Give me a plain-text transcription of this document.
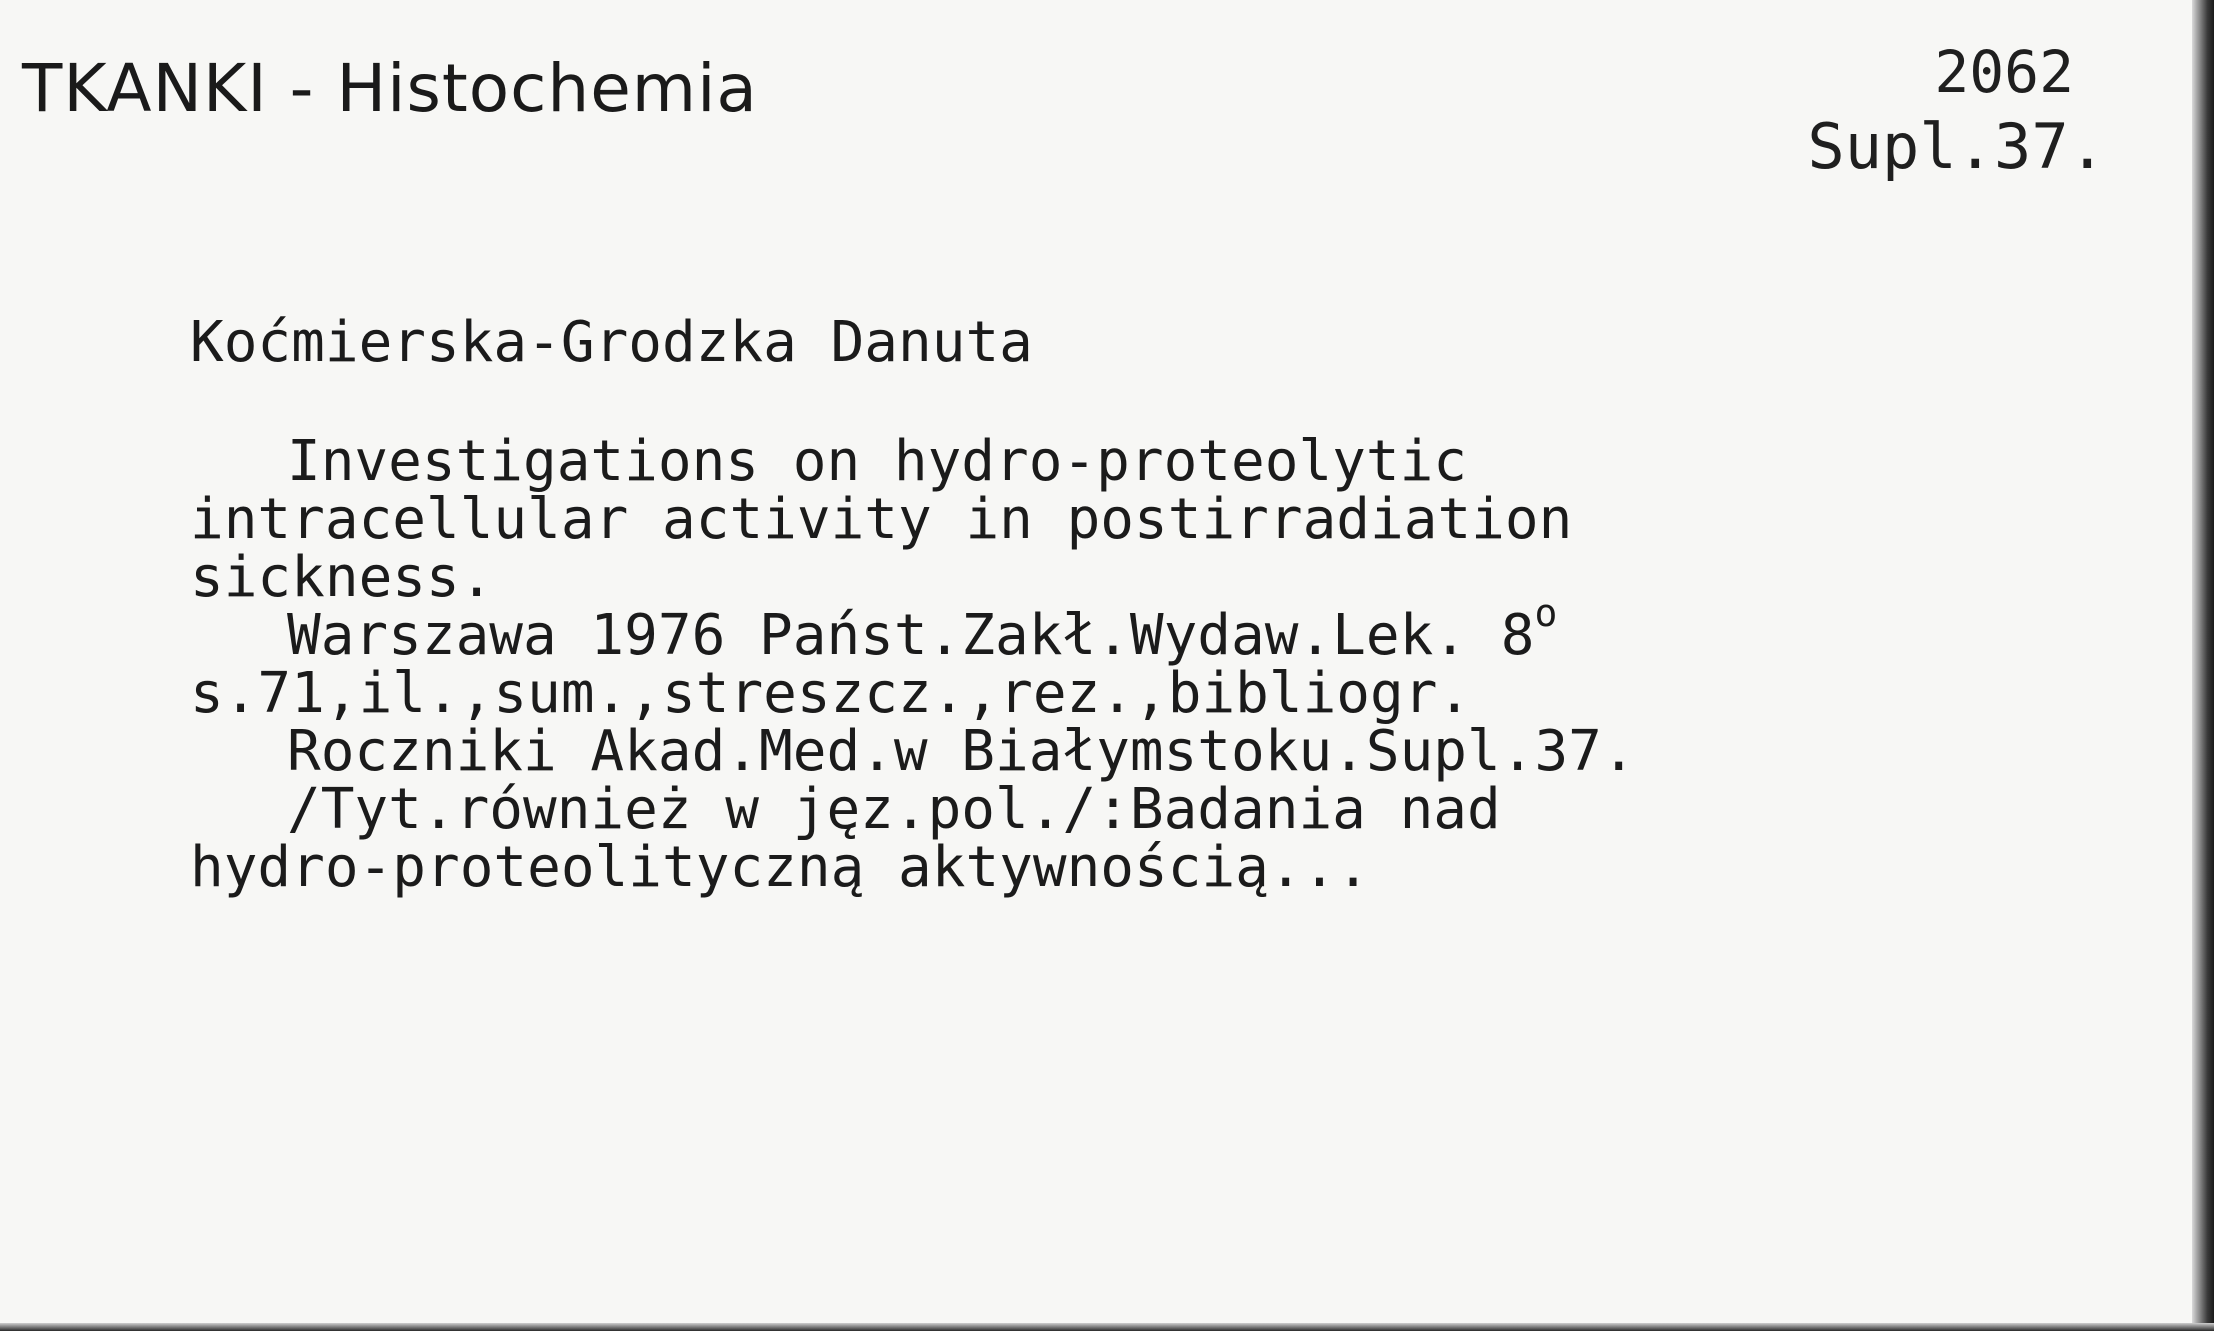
TKANKI - Histochemia	2062
Supl.37.
Koćmierska-Grodzka Danuta
Investigations on hydro-proteolytic
intracellular activity in postirradiation
sickness.
Warszawa 1976 Państ.Zakł.Wydaw.Lek. 8$^o$
s.71,il.,sum.,streszcz.,rez.,bibliogr.
Roczniki Akad.Med.w Białymstoku.Supl.37.
/Tyt.również w jęz.pol./:Badania nad
hydro-proteolityczną aktywnością...
